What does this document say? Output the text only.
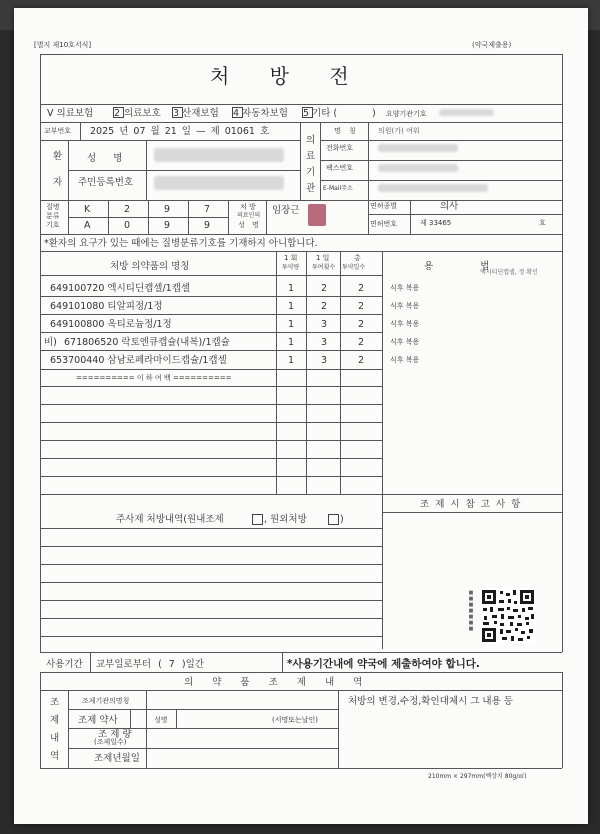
[별지 제10호서식]	(약국제출용)
처 방 전
V 의료보험 2 의료보호 3 산재보험 4 자동차보험 5 기타 (	) 요양기관기호
교부번호 2025 년 07 월 21 일 — 제 01061 호
환
자
성 명
주민등록번호
의
료
기
관
명 칭	의원(가) 여워
전화번호
팩스번호
E-Mail주소
질병
분류
기호
K	2	9	7
A	0	9	9
처 방
의료인의
성 명
임장근	면허종별	의사
면허번호	제 33465	호
*환자의 요구가 있는 때에는 질병분류기호를 기재하지 아니합니다.
처방 의약품의 명칭
1 회
투약량
1 일
투여횟수
총
투약일수	용 법
649100720 엑시티딘캡셀/1캡셀	1	2	2	식후 복용
엑시티딘캡셀, 정 확인
649101080 티알피정/1정	1	2	2	식후 복용
649100800 옥티로늄정/1정	1	3	2	식후 복용
비) 671806520 락토엔큐캡슐(내복)/1캡슐	1	3	2	식후 복용
653700440 삼남로페라마이드캡슐/1캡셀	1	3	2	식후 복용
========== 이 하 여 백 ==========
조 제 시 참 고 사 항
주사제 처방내역(원내조제	, 원외처방	)
■■■■■■■
사용기간 교부일로부터 ( 7 )일간	*사용기간내에 약국에 제출하여야 합니다.
의 약 품 조 제 내 역
조
제
내
역
조제기관의명칭
조제 약사	성명	(서명또는날인)
조 제 량
(조제일수)
조제년월일
처방의 변경,수정,확인대체시 그 내용 등
210mm × 297mm(백상지 80g/㎡)
